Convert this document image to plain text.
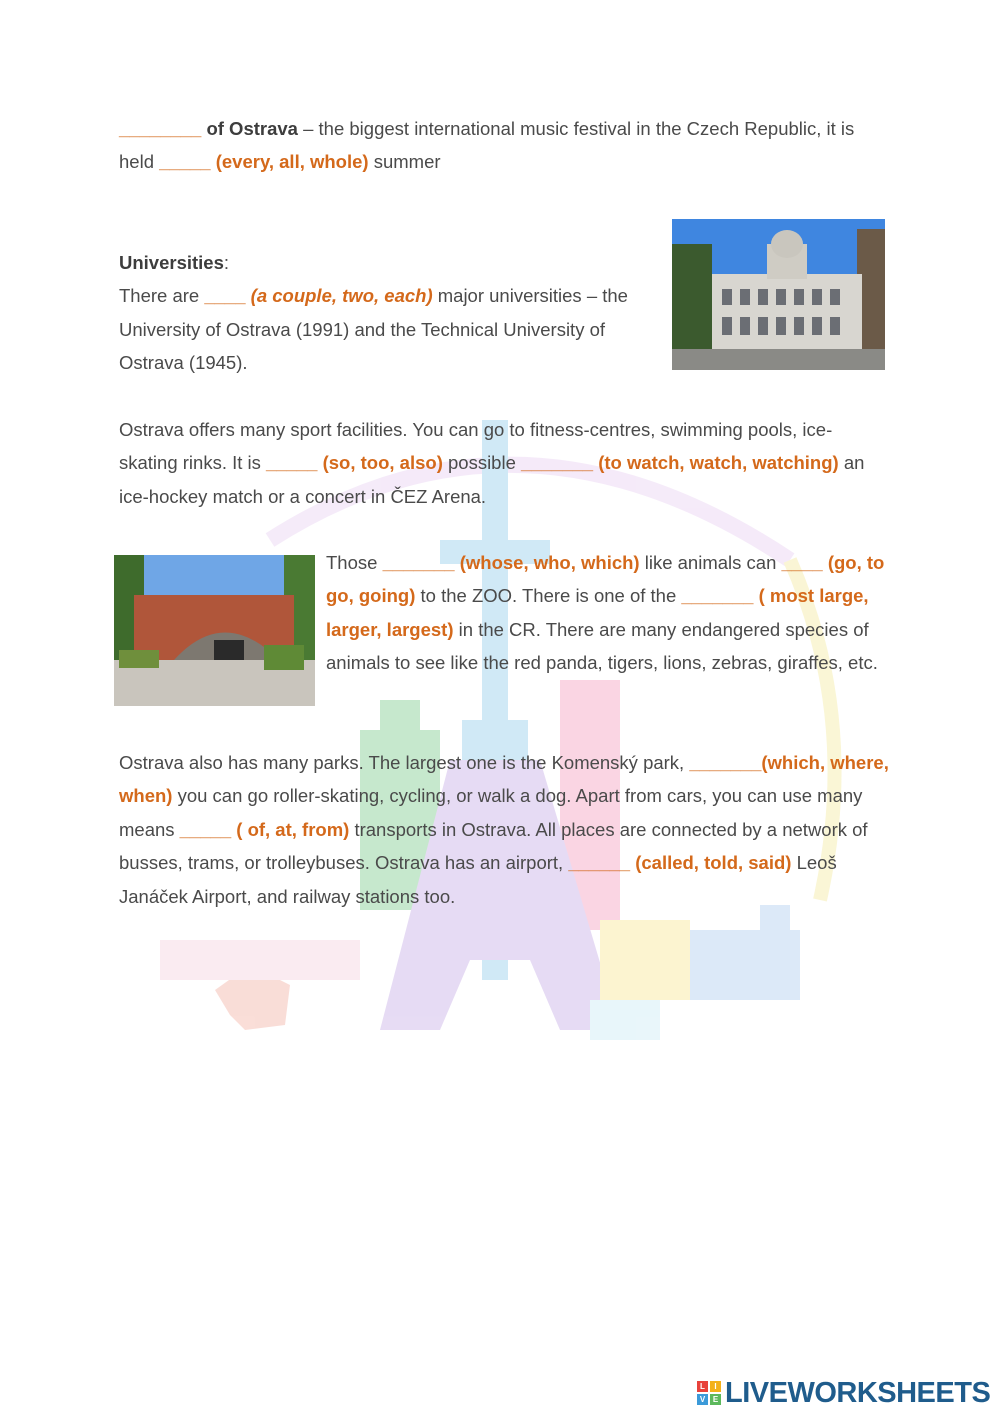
________ of Ostrava – the biggest international music festival in the Czech Republic, it is held _____ (every, all, whole) summer
Universities:
There are ____ (a couple, two, each) major universities – the University of Ostrava (1991) and the Technical University of Ostrava (1945).
Ostrava offers many sport facilities. You can go to fitness-centres, swimming pools, ice-skating rinks. It is _____ (so, too, also) possible _______ (to watch, watch, watching) an ice-hockey match or a concert in ČEZ Arena.
Those _______ (whose, who, which) like animals can ____ (go, to go, going) to the ZOO. There is one of the _______ ( most large, larger, largest) in the CR. There are many endangered species of animals to see like the red panda, tigers, lions, zebras, giraffes, etc.
Ostrava also has many parks. The largest one is the Komenský park, _______(which, where, when) you can go roller-skating, cycling, or walk a dog. Apart from cars, you can use many means _____ ( of, at, from) transports in Ostrava. All places are connected by a network of busses, trams, or trolleybuses. Ostrava has an airport, ______ (called, told, said) Leoš Janáček Airport, and railway stations too.
L	I
V E LIVEWORKSHEETS
